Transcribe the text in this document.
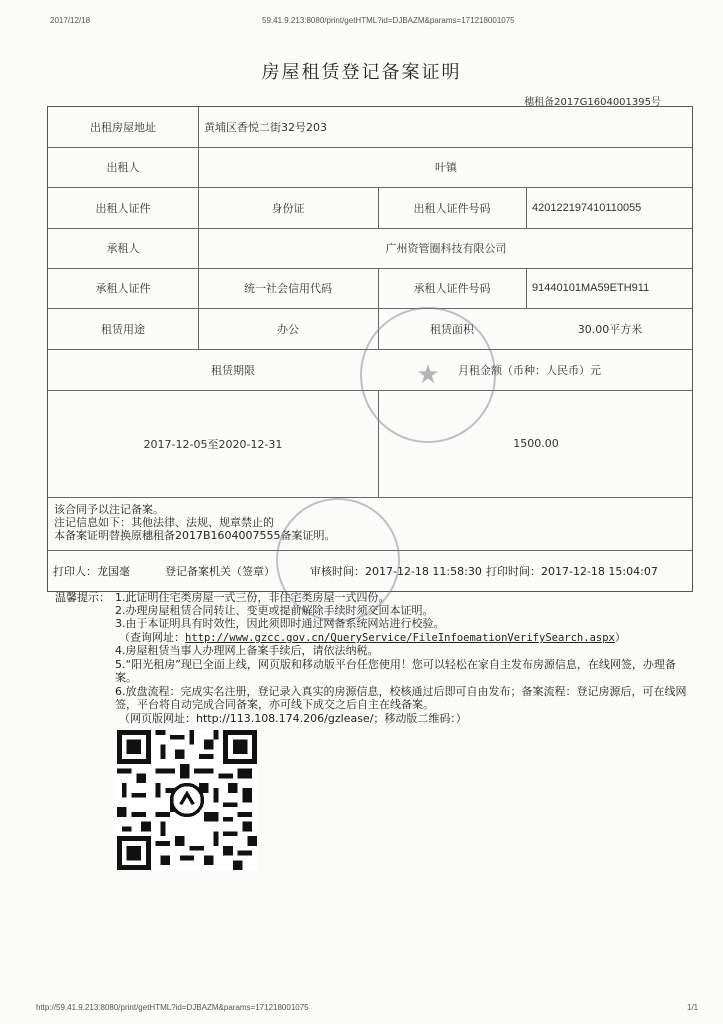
2017/12/18	59.41.9.213:8080/print/getHTML?id=DJBAZM&params=171218001075
http://59.41.9.213:8080/print/getHTML?id=DJBAZM&params=171218001075	1/1
房屋租赁登记备案证明
穗租备2017G1604001395号
出租房屋地址	黄埔区香悦二街32号203
出租人	叶镇
出租人证件	身份证	出租人证件号码	420122197410110055
承租人	广州资管圈科技有限公司
承租人证件	统一社会信用代码	承租人证件号码	91440101MA59ETH911
租赁用途	办公	租赁面积	30.00平方米
租赁期限	月租金额（币种：人民币）元
2017-12-05至2020-12-31	1500.00
该合同予以注记备案。
注记信息如下：其他法律、法规、规章禁止的
本备案证明替换原穗租备2017B1604007555备案证明。
打印人：龙国毫	登记备案机关（签章）	审核时间：2017-12-18 11:58:30 打印时间：2017-12-18 15:04:07
★
温馨提示： 1.此证明住宅类房屋一式三份，非住宅类房屋一式四份。
2.办理房屋租赁合同转让、变更或提前解除手续时须交回本证明。
3.由于本证明具有时效性，因此须即时通过网备系统网站进行校验。
（查询网址：http://www.gzcc.gov.cn/QueryService/FileInfoemationVerifySearch.aspx）
4.房屋租赁当事人办理网上备案手续后，请依法纳税。
5.“阳光租房”现已全面上线，网页版和移动版平台任您使用！您可以轻松在家自主发布房源信息，在线网签，办理备案。
6.放盘流程：完成实名注册，登记录入真实的房源信息，校核通过后即可自由发布；备案流程：登记房源后，可在线网签，平台将自动完成合同备案，亦可线下成交之后自主在线备案。
（网页版网址：http://113.108.174.206/gzlease/；移动版二维码：）
